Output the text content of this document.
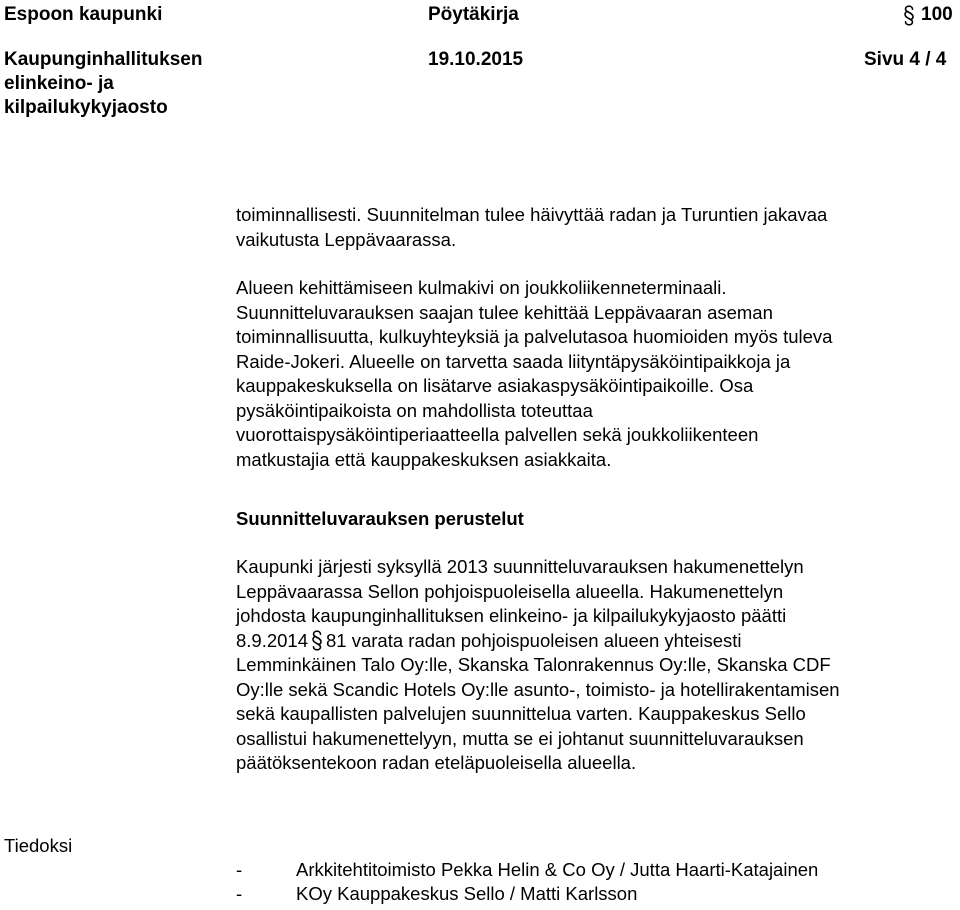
Espoon kaupunki	Pöytäkirja	100
Kaupunginhallituksen
elinkeino- ja
kilpailukykyjaosto
19.10.2015	Sivu 4 / 4
toiminnallisesti. Suunnitelman tulee häivyttää radan ja Turuntien jakavaa
vaikutusta Leppävaarassa.
Alueen kehittämiseen kulmakivi on joukkoliikenneterminaali.
Suunnitteluvarauksen saajan tulee kehittää Leppävaaran aseman
toiminnallisuutta, kulkuyhteyksiä ja palvelutasoa huomioiden myös tuleva
Raide-Jokeri. Alueelle on tarvetta saada liityntäpysäköintipaikkoja ja
kauppakeskuksella on lisätarve asiakaspysäköintipaikoille. Osa
pysäköintipaikoista on mahdollista toteuttaa
vuorottaispysäköintiperiaatteella palvellen sekä joukkoliikenteen
matkustajia että kauppakeskuksen asiakkaita.
Suunnitteluvarauksen perustelut
Kaupunki järjesti syksyllä 2013 suunnitteluvarauksen hakumenettelyn
Leppävaarassa Sellon pohjoispuoleisella alueella. Hakumenettelyn
johdosta kaupunginhallituksen elinkeino- ja kilpailukykyjaosto päätti
8.9.2014 81 varata radan pohjoispuoleisen alueen yhteisesti
Lemminkäinen Talo Oy:lle, Skanska Talonrakennus Oy:lle, Skanska CDF
Oy:lle sekä Scandic Hotels Oy:lle asunto-, toimisto- ja hotellirakentamisen
sekä kaupallisten palvelujen suunnittelua varten. Kauppakeskus Sello
osallistui hakumenettelyyn, mutta se ei johtanut suunnitteluvarauksen
päätöksentekoon radan eteläpuoleisella alueella.
Tiedoksi
-	Arkkitehtitoimisto Pekka Helin & Co Oy / Jutta Haarti-Katajainen
-	KOy Kauppakeskus Sello / Matti Karlsson
